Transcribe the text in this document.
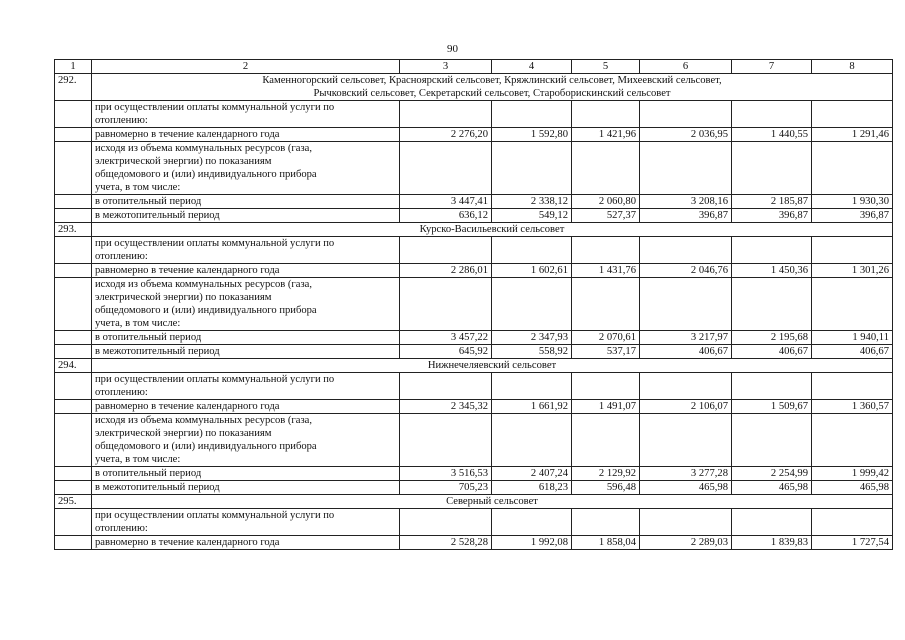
90
1	2	3	4	5	6	7	8
292.	Каменногорский сельсовет, Краснoярский сельсовет, Кряжлинский сельсовет, Михеевский сельсовет,
Рычковский сельсовет, Секретарский сельсовет, Староборискинский сельсовет						

	при осуществлении оплаты коммунальной услуги по
отоплению:						

	равномерно в течение календарного года	2 276,20	1 592,80	1 421,96	2 036,95	1 440,55	1 291,46

	исходя из объема коммунальных ресурсов (газа,
электрической энергии) по показаниям
общедомового и (или) индивидуального прибора
учета, в том числе:						

	в отопительный период	3 447,41	2 338,12	2 060,80	3 208,16	2 185,87	1 930,30

	в межотопительный период	636,12	549,12	527,37	396,87	396,87	396,87
293.	Курско-Васильевский сельсовет						

	при осуществлении оплаты коммунальной услуги по
отоплению:						

	равномерно в течение календарного года	2 286,01	1 602,61	1 431,76	2 046,76	1 450,36	1 301,26

	исходя из объема коммунальных ресурсов (газа,
электрической энергии) по показаниям
общедомового и (или) индивидуального прибора
учета, в том числе:						

	в отопительный период	3 457,22	2 347,93	2 070,61	3 217,97	2 195,68	1 940,11

	в межотопительный период	645,92	558,92	537,17	406,67	406,67	406,67
294.	Нижнечеляевский сельсовет						

	при осуществлении оплаты коммунальной услуги по
отоплению:						

	равномерно в течение календарного года	2 345,32	1 661,92	1 491,07	2 106,07	1 509,67	1 360,57

	исходя из объема коммунальных ресурсов (газа,
электрической энергии) по показаниям
общедомового и (или) индивидуального прибора
учета, в том числе:						

	в отопительный период	3 516,53	2 407,24	2 129,92	3 277,28	2 254,99	1 999,42

	в межотопительный период	705,23	618,23	596,48	465,98	465,98	465,98
295.	Северный сельсовет						

	при осуществлении оплаты коммунальной услуги по
отоплению:						

	равномерно в течение календарного года	2 528,28	1 992,08	1 858,04	2 289,03	1 839,83	1 727,54
